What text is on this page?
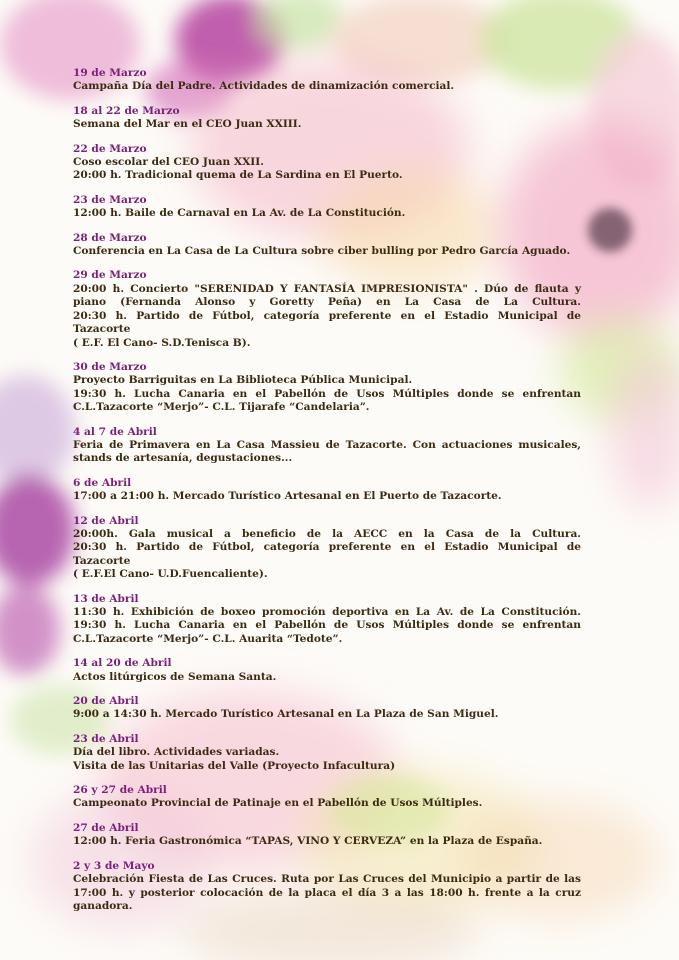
19 de Marzo
Campaña Día del Padre. Actividades de dinamización comercial.
18 al 22 de Marzo
Semana del Mar en el CEO Juan XXIII.
22 de Marzo
Coso escolar del CEO Juan XXII.
20:00 h. Tradicional quema de La Sardina en El Puerto.
23 de Marzo
12:00 h. Baile de Carnaval en La Av. de La Constitución.
28 de Marzo
Conferencia en La Casa de La Cultura sobre ciber bulling por Pedro García Aguado.
29 de Marzo
20:00 h. Concierto "SERENIDAD Y FANTASÍA IMPRESIONISTA" . Dúo de flauta y
piano (Fernanda Alonso y Goretty Peña) en La Casa de La Cultura.
20:30 h. Partido de Fútbol, categoría preferente en el Estadio Municipal de Tazacorte
( E.F. El Cano- S.D.Tenisca B).
30 de Marzo
Proyecto Barriguitas en La Biblioteca Pública Municipal.
19:30 h. Lucha Canaria en el Pabellón de Usos Múltiples donde se enfrentan
C.L.Tazacorte “Merjo”- C.L. Tijarafe “Candelaria”.
4 al 7 de Abril
Feria de Primavera en La Casa Massieu de Tazacorte. Con actuaciones musicales,
stands de artesanía, degustaciones...
6 de Abril
17:00 a 21:00 h. Mercado Turístico Artesanal en El Puerto de Tazacorte.
12 de Abril
20:00h. Gala musical a beneficio de la AECC en la Casa de la Cultura.
20:30 h. Partido de Fútbol, categoría preferente en el Estadio Municipal de Tazacorte
( E.F.El Cano- U.D.Fuencaliente).
13 de Abril
11:30 h. Exhibición de boxeo promoción deportiva en La Av. de La Constitución.
19:30 h. Lucha Canaria en el Pabellón de Usos Múltiples donde se enfrentan
C.L.Tazacorte “Merjo”- C.L. Auarita “Tedote”.
14 al 20 de Abril
Actos litúrgicos de Semana Santa.
20 de Abril
9:00 a 14:30 h. Mercado Turístico Artesanal en La Plaza de San Miguel.
23 de Abril
Día del libro. Actividades variadas.
Visita de las Unitarias del Valle (Proyecto Infacultura)
26 y 27 de Abril
Campeonato Provincial de Patinaje en el Pabellón de Usos Múltiples.
27 de Abril
12:00 h. Feria Gastronómica “TAPAS, VINO Y CERVEZA” en la Plaza de España.
2 y 3 de Mayo
Celebración Fiesta de Las Cruces. Ruta por Las Cruces del Municipio a partir de las
17:00 h. y posterior colocación de la placa el día 3 a las 18:00 h. frente a la cruz
ganadora.
